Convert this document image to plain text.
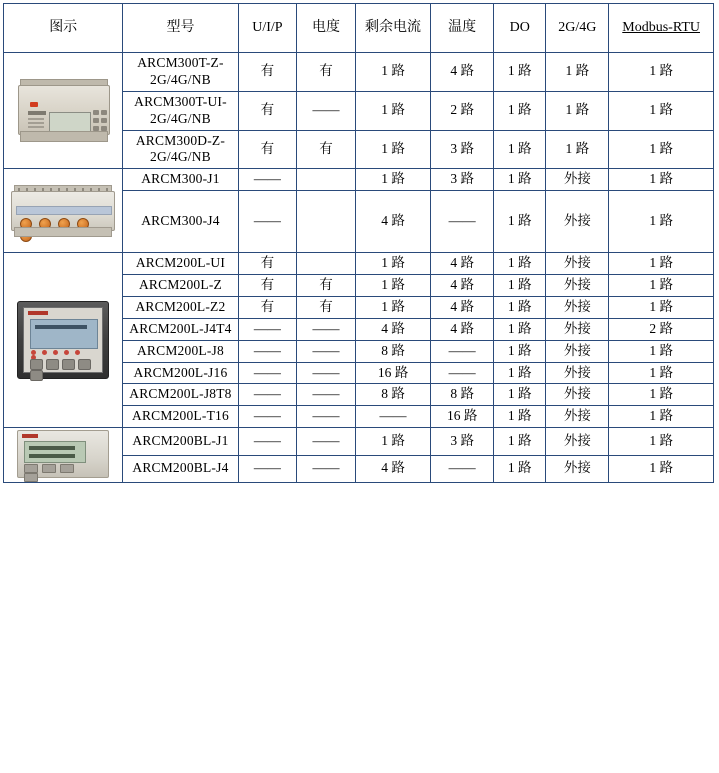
图示	型号	U/I/P	电度	剩余电流	温度	DO	2G/4G	Modbus-RTU

	ARCM300T-Z-2G/4G/NB	有	有	1 路	4 路	1 路	1 路	1 路
	ARCM300T-UI-2G/4G/NB	有	——	1 路	2 路	1 路	1 路	1 路
	ARCM300D-Z-2G/4G/NB	有	有	1 路	3 路	1 路	1 路	1 路

	ARCM300-J1	——		1 路	3 路	1 路	外接	1 路
	ARCM300-J4	——		4 路	——	1 路	外接	1 路

	ARCM200L-UI	有		1 路	4 路	1 路	外接	1 路
	ARCM200L-Z	有	有	1 路	4 路	1 路	外接	1 路
	ARCM200L-Z2	有	有	1 路	4 路	1 路	外接	1 路
	ARCM200L-J4T4	——	——	4 路	4 路	1 路	外接	2 路
	ARCM200L-J8	——	——	8 路	——	1 路	外接	1 路
	ARCM200L-J16	——	——	16 路	——	1 路	外接	1 路
	ARCM200L-J8T8	——	——	8 路	8 路	1 路	外接	1 路
	ARCM200L-T16	——	——	——	16 路	1 路	外接	1 路

	ARCM200BL-J1	——	——	1 路	3 路	1 路	外接	1 路
	ARCM200BL-J4	——	——	4 路	——	1 路	外接	1 路
